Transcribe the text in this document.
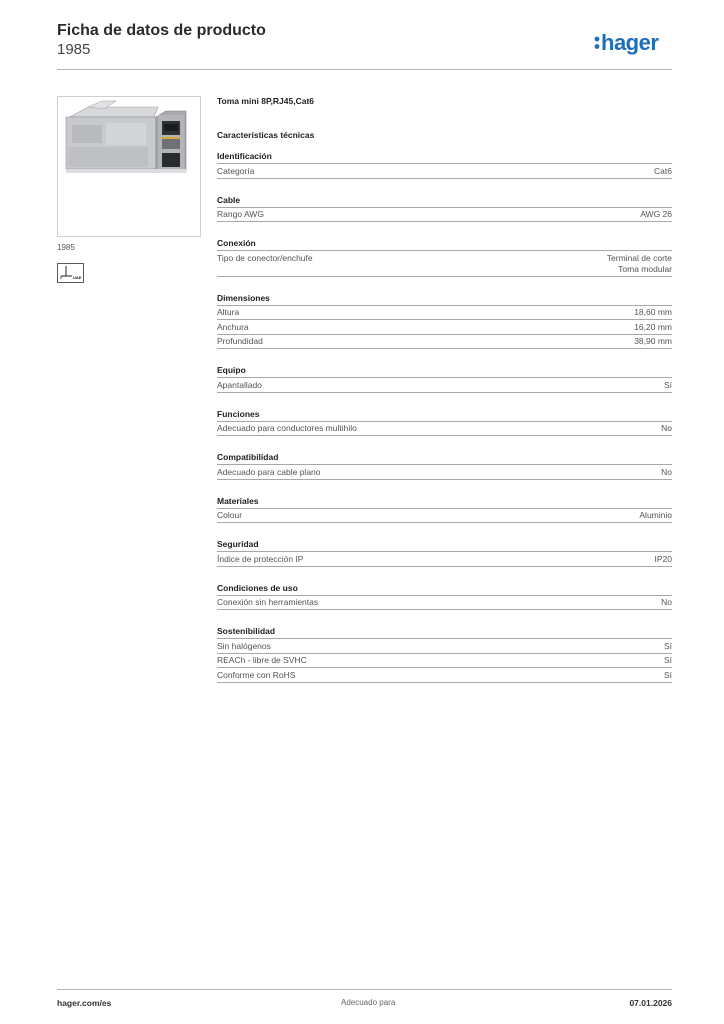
Ficha de datos de producto
1985	hager
1985
UAE
Toma mini 8P,RJ45,Cat6
Características técnicas
Identificación
Categoría	Cat6
Cable
Rango AWG	AWG 26
Conexión
Tipo de conector/enchufe	Terminal de corte
Toma modular
Dimensiones
Altura	18,60 mm
Anchura	16,20 mm
Profundidad	38,90 mm
Equipo
Apantallado	Sí
Funciones
Adecuado para conductores multihilo	No
Compatibilidad
Adecuado para cable plano	No
Materiales
Colour	Aluminio
Seguridad
Índice de protección IP	IP20
Condiciones de uso
Conexión sin herramientas	No
Sostenibilidad
Sin halógenos	Sí
REACh - libre de SVHC	Sí
Conforme con RoHS	Sí
hager.com/es	Adecuado para	07.01.2026
